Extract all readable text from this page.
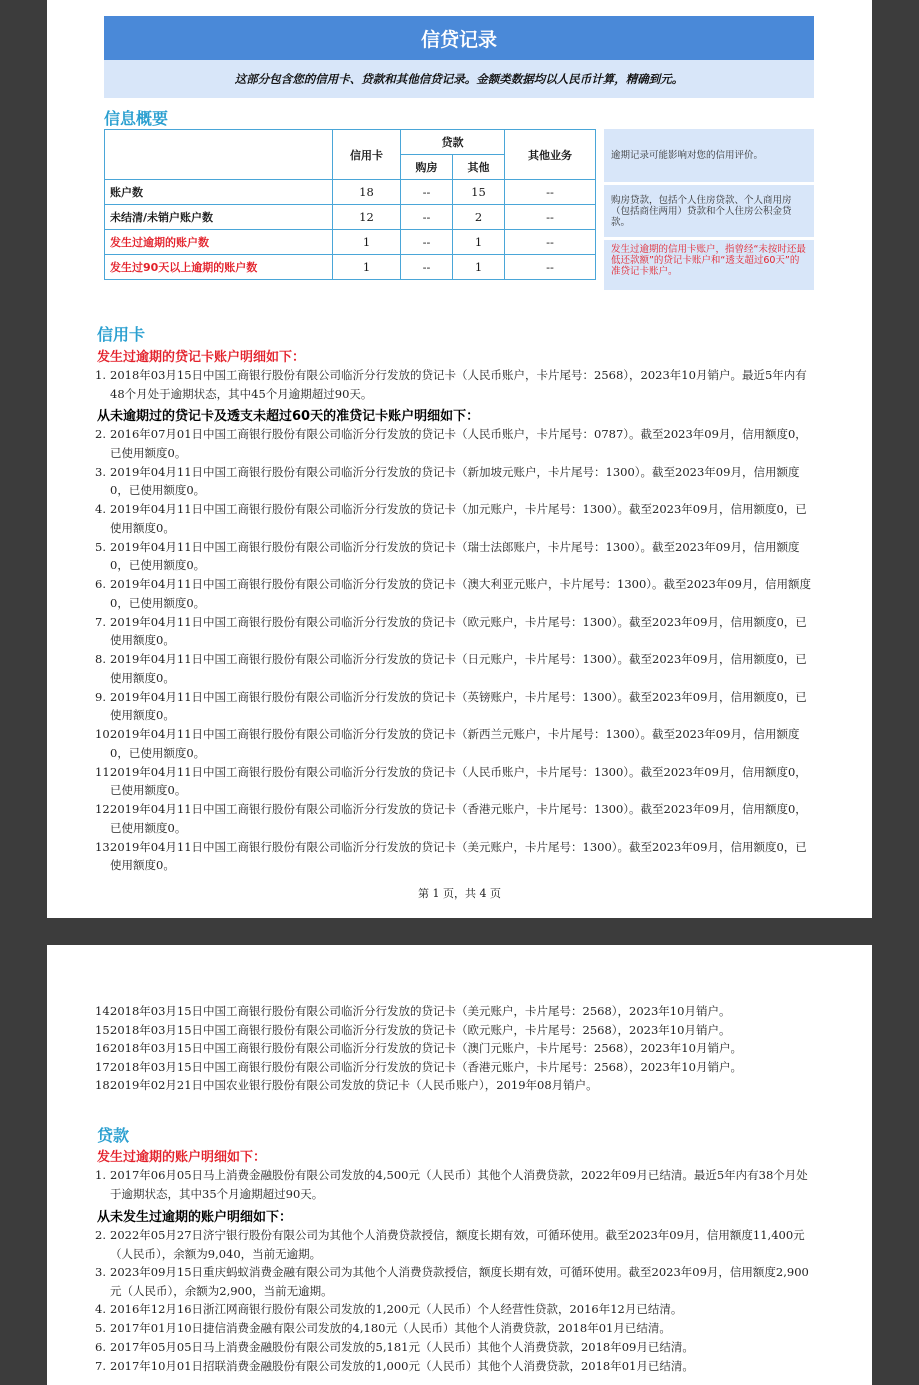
信贷记录
这部分包含您的信用卡、贷款和其他信贷记录。金额类数据均以人民币计算，精确到元。
信息概要
	信用卡	贷款		其他业务
		购房	其他	
账户数	18	--	15	--
未结清/未销户账户数	12	--	2	--
发生过逾期的账户数	1	--	1	--
发生过90天以上逾期的账户数	1	--	1	--
逾期记录可能影响对您的信用评价。
购房贷款，包括个人住房贷款、个人商用房（包括商住两用）贷款和个人住房公积金贷款。
发生过逾期的信用卡账户，指曾经“未按时还最低还款额”的贷记卡账户和“透支超过60天”的准贷记卡账户。
信用卡
发生过逾期的贷记卡账户明细如下：
1. 2018年03月15日中国工商银行股份有限公司临沂分行发放的贷记卡（人民币账户，卡片尾号：2568），2023年10月销户。最近5年内有48个月处于逾期状态，其中45个月逾期超过90天。
从未逾期过的贷记卡及透支未超过60天的准贷记卡账户明细如下：
2. 2016年07月01日中国工商银行股份有限公司临沂分行发放的贷记卡（人民币账户，卡片尾号：0787）。截至2023年09月，信用额度0，已使用额度0。
3. 2019年04月11日中国工商银行股份有限公司临沂分行发放的贷记卡（新加坡元账户，卡片尾号：1300）。截至2023年09月，信用额度0，已使用额度0。
4. 2019年04月11日中国工商银行股份有限公司临沂分行发放的贷记卡（加元账户，卡片尾号：1300）。截至2023年09月，信用额度0，已使用额度0。
5. 2019年04月11日中国工商银行股份有限公司临沂分行发放的贷记卡（瑞士法郎账户，卡片尾号：1300）。截至2023年09月，信用额度0，已使用额度0。
6. 2019年04月11日中国工商银行股份有限公司临沂分行发放的贷记卡（澳大利亚元账户，卡片尾号：1300）。截至2023年09月，信用额度0，已使用额度0。
7. 2019年04月11日中国工商银行股份有限公司临沂分行发放的贷记卡（欧元账户，卡片尾号：1300）。截至2023年09月，信用额度0，已使用额度0。
8. 2019年04月11日中国工商银行股份有限公司临沂分行发放的贷记卡（日元账户，卡片尾号：1300）。截至2023年09月，信用额度0，已使用额度0。
9. 2019年04月11日中国工商银行股份有限公司临沂分行发放的贷记卡（英镑账户，卡片尾号：1300）。截至2023年09月，信用额度0，已使用额度0。
10.
2019年04月11日中国工商银行股份有限公司临沂分行发放的贷记卡（新西兰元账户，卡片尾号：1300）。截至2023年09月，信用额度0，已使用额度0。
11.
2019年04月11日中国工商银行股份有限公司临沂分行发放的贷记卡（人民币账户，卡片尾号：1300）。截至2023年09月，信用额度0，已使用额度0。
12.
2019年04月11日中国工商银行股份有限公司临沂分行发放的贷记卡（香港元账户，卡片尾号：1300）。截至2023年09月，信用额度0，已使用额度0。
13.
2019年04月11日中国工商银行股份有限公司临沂分行发放的贷记卡（美元账户，卡片尾号：1300）。截至2023年09月，信用额度0，已使用额度0。
第 1 页，共 4 页
14.
2018年03月15日中国工商银行股份有限公司临沂分行发放的贷记卡（美元账户，卡片尾号：2568），2023年10月销户。
15.
2018年03月15日中国工商银行股份有限公司临沂分行发放的贷记卡（欧元账户，卡片尾号：2568），2023年10月销户。
16.
2018年03月15日中国工商银行股份有限公司临沂分行发放的贷记卡（澳门元账户，卡片尾号：2568），2023年10月销户。
17.
2018年03月15日中国工商银行股份有限公司临沂分行发放的贷记卡（香港元账户，卡片尾号：2568），2023年10月销户。
18.
2019年02月21日中国农业银行股份有限公司发放的贷记卡（人民币账户），2019年08月销户。
贷款
发生过逾期的账户明细如下：
1. 2017年06月05日马上消费金融股份有限公司发放的4,500元（人民币）其他个人消费贷款，2022年09月已结清。最近5年内有38个月处于逾期状态，其中35个月逾期超过90天。
从未发生过逾期的账户明细如下：
2. 2022年05月27日济宁银行股份有限公司为其他个人消费贷款授信，额度长期有效，可循环使用。截至2023年09月，信用额度11,400元（人民币），余额为9,040，当前无逾期。
3. 2023年09月15日重庆蚂蚁消费金融有限公司为其他个人消费贷款授信，额度长期有效，可循环使用。截至2023年09月，信用额度2,900元（人民币），余额为2,900，当前无逾期。
4. 2016年12月16日浙江网商银行股份有限公司发放的1,200元（人民币）个人经营性贷款，2016年12月已结清。
5. 2017年01月10日捷信消费金融有限公司发放的4,180元（人民币）其他个人消费贷款，2018年01月已结清。
6. 2017年05月05日马上消费金融股份有限公司发放的5,181元（人民币）其他个人消费贷款，2018年09月已结清。
7. 2017年10月01日招联消费金融股份有限公司发放的1,000元（人民币）其他个人消费贷款，2018年01月已结清。
